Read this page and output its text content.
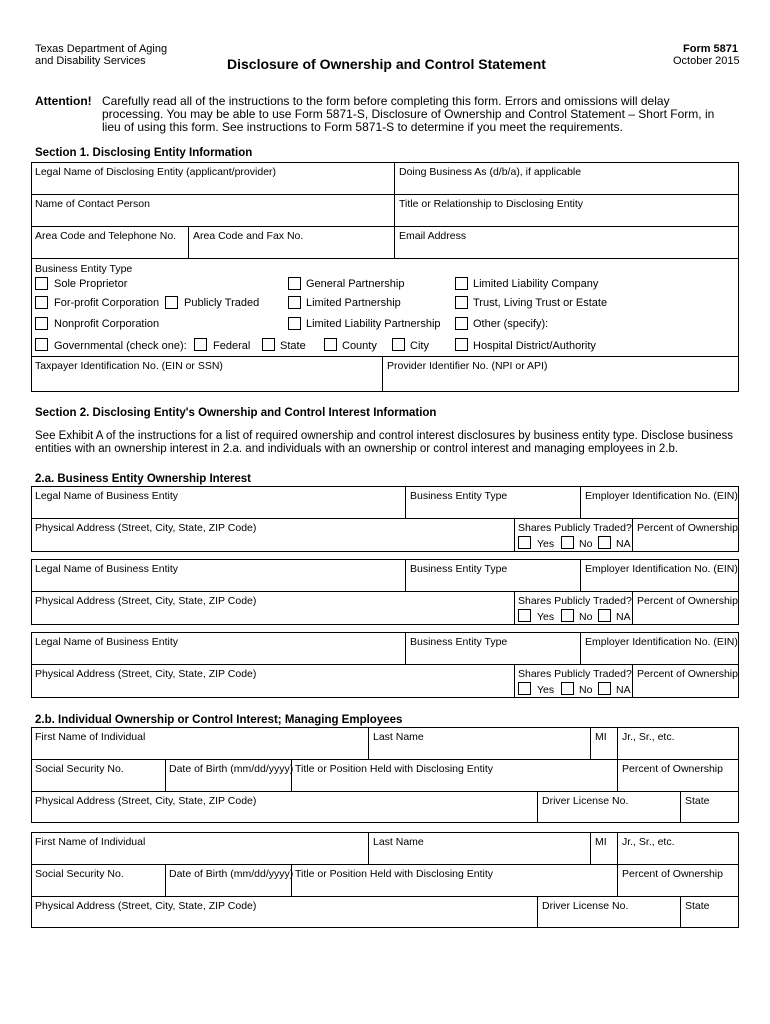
Texas Department of Aging
and Disability Services	Disclosure of Ownership and Control Statement
Form 5871
October 2015
Attention! Carefully read all of the instructions to the form before completing this form. Errors and omissions will delay
processing. You may be able to use Form 5871-S, Disclosure of Ownership and Control Statement – Short Form, in
lieu of using this form. See instructions to Form 5871-S to determine if you meet the requirements.
Section 1. Disclosing Entity Information
Legal Name of Disclosing Entity (applicant/provider)	Doing Business As (d/b/a), if applicable
Name of Contact Person	Title or Relationship to Disclosing Entity
Area Code and Telephone No. Area Code and Fax No.	Email Address
Business Entity Type
Sole Proprietor
For-profit Corporation Publicly Traded
Nonprofit Corporation
Governmental (check one): Federal	State	County	City
General Partnership
Limited Partnership
Limited Liability Partnership
Limited Liability Company
Trust, Living Trust or Estate
Other (specify):
Hospital District/Authority
Taxpayer Identification No. (EIN or SSN)	Provider Identifier No. (NPI or API)
Section 2. Disclosing Entity's Ownership and Control Interest Information
See Exhibit A of the instructions for a list of required ownership and control interest disclosures by business entity type. Disclose business
entities with an ownership interest in 2.a. and individuals with an ownership or control interest and managing employees in 2.b.
2.a. Business Entity Ownership Interest
Legal Name of Business Entity	Business Entity Type	Employer Identification No. (EIN)
Physical Address (Street, City, State, ZIP Code)	Shares Publicly Traded? Percent of Ownership
Yes No NA
Legal Name of Business Entity	Business Entity Type	Employer Identification No. (EIN)
Physical Address (Street, City, State, ZIP Code)	Shares Publicly Traded? Percent of Ownership
Yes No NA
Legal Name of Business Entity	Business Entity Type	Employer Identification No. (EIN)
Physical Address (Street, City, State, ZIP Code)	Shares Publicly Traded? Percent of Ownership
Yes No NA
2.b. Individual Ownership or Control Interest; Managing Employees
First Name of Individual	Last Name	MI Jr., Sr., etc.
Social Security No.	Date of Birth (mm/dd/yyyy) Title or Position Held with Disclosing Entity	Percent of Ownership
Physical Address (Street, City, State, ZIP Code)	Driver License No.	State
First Name of Individual	Last Name	MI Jr., Sr., etc.
Social Security No.	Date of Birth (mm/dd/yyyy) Title or Position Held with Disclosing Entity	Percent of Ownership
Physical Address (Street, City, State, ZIP Code)	Driver License No.	State
